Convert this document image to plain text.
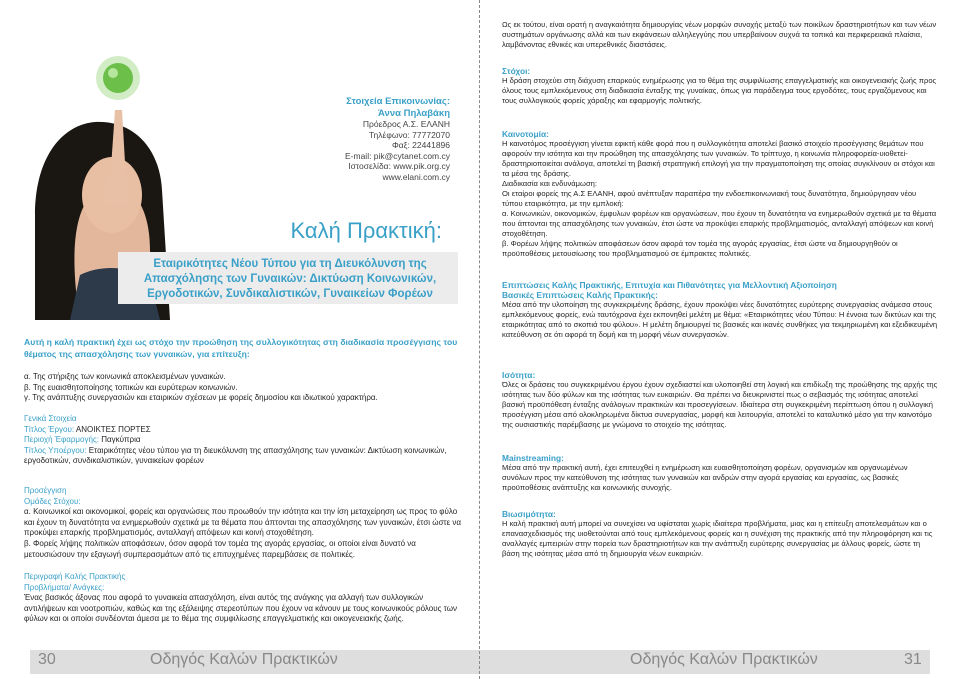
Στοιχεία Επικοινωνίας:
Άννα Πηλαβάκη
Πρόεδρος Α.Σ. ΕΛΑΝΗ
Τηλέφωνο: 77772070
Φαξ: 22441896
E-mail: pik@cytanet.com.cy
Ιστοσελίδα: www.pik.org.cy
www.elani.com.cy
Καλή Πρακτική:
Εταιρικότητες Νέου Τύπου για τη Διευκόλυνση της Απασχόλησης των Γυναικών: Δικτύωση Κοινωνικών, Εργοδοτικών, Συνδικαλιστικών, Γυναικείων Φορέων
Αυτή η καλή πρακτική έχει ως στόχο την προώθηση της συλλογικότητας στη διαδικασία προσέγγισης του θέματος της απασχόλησης των γυναικών, για επίτευξη:
α. Της στήριξης των κοινωνικά αποκλεισμένων γυναικών.
β. Της ευαισθητοποίησης τοπικών και ευρύτερων κοινωνιών.
γ. Της ανάπτυξης συνεργασιών και εταιρικών σχέσεων με φορείς δημοσίου και ιδιωτικού χαρακτήρα.
Γενικά Στοιχεία
Τίτλος Έργου: ΑΝΟΙΚΤΕΣ ΠΟΡΤΕΣ
Περιοχή Έφαρμογής: Παγκύπρια
Τίτλος Υποέργου: Εταιρικότητες νέου τύπου για τη διευκόλυνση της απασχόλησης των γυναικών: Δικτύωση κοινωνικών, εργοδοτικών, συνδικαλιστικών, γυναικείων φορέων
Προσέγγιση
Ομάδες Στόχου:
α. Κοινωνικοί και οικονομικοί, φορείς και οργανώσεις που προωθούν την ισότητα και την ίση μεταχείρηση ως προς το φύλο και έχουν τη δυνατότητα να ενημερωθούν σχετικά με τα θέματα που άπτονται της απασχόλησης των γυναικών, έτσι ώστε να προκύψει επαρκής προβληματισμός, ανταλλαγή απόψεων και κοινή στοχοθέτηση.
β. Φορείς λήψης πολιτικών αποφάσεων, όσον αφορά τον τομέα της αγοράς εργασίας, οι οποίοι είναι δυνατό να μετουσιώσουν την εξαγωγή συμπερασμάτων από τις επιτυχημένες παρεμβάσεις σε πολιτικές.
Περιγραφή Καλής Πρακτικής
Προβλήματα/ Ανάγκες:
Ένας βασικός άξονας που αφορά το γυναικεία απασχόληση, είναι αυτός της ανάγκης για αλλαγή των συλλογικών αντιλήψεων και νοοτροπιών, καθώς και της εξάλειψης στερεοτύπων που έχουν να κάνουν με τους κοινωνικούς ρόλους των φύλων και οι οποίοι συνδέονται άμεσα με το θέμα της συμφιλίωσης επαγγελματικής και οικογενειακής ζωής.
30	Οδηγός Καλών Πρακτικών
Ως εκ τούτου, είναι ορατή η αναγκαιότητα δημιουργίας νέων μορφών συνοχής μεταξύ των ποικίλων δραστηριοτήτων και των νέων συστημάτων οργάνωσης αλλά και των εκφάνσεων αλληλεγγύης που υπερβαίνουν συχνά τα τοπικά και περιφερειακά πλαίσια, λαμβάνοντας εθνικές και υπερεθνικές διαστάσεις.
Στόχοι:
Η δράση στοχεύει στη διάχυση επαρκούς ενημέρωσης για το θέμα της συμφιλίωσης επαγγελματικής και οικογενειακής ζωής προς όλους τους εμπλεκόμενους στη διαδικασία ένταξης της γυναίκας, όπως για παράδειγμα τους εργοδότες, τους εργαζόμενους και τους συλλογικούς φορείς χάραξης και εφαρμογής πολιτικής.
Καινοτομία:
Η καινοτόμος προσέγγιση γίνεται εφικτή κάθε φορά που η συλλογικότητα αποτελεί βασικό στοιχείο προσέγγισης θεμάτων που αφορούν την ισότητα και την προώθηση της απασχόλησης των γυναικών. Το τρίπτυχο, η κοινωνία πληροφορεία-υιοθετεί-δραστηριοποιείται ανάλογα, αποτελεί τη βασική στρατηγική επιλογή για την πραγματοποίηση της οποίας συγκλίνουν οι στόχοι και τα μέσα της δράσης.
Διαδικασία και ενδυνάμωση:
Οι εταίροι φορείς της Α.Σ ΕΛΑΝΗ, αφού ανέπτυξαν παραπέρα την ενδοεπικοινωνιακή τους δυνατότητα, δημιούργησαν νέου τύπου εταιρικότητα, με την εμπλοκή:
α. Κοινωνικών, οικονομικών, έμφυλων φορέων και οργανώσεων, που έχουν τη δυνατότητα να ενημερωθούν σχετικά με τα θέματα που άπτονται της απασχόλησης των γυναικών, έτσι ώστε να προκύψει επαρκής προβληματισμός, ανταλλαγή απόψεων και κοινή στοχοθέτηση.
β. Φορέων λήψης πολιτικών αποφάσεων όσον αφορά τον τομέα της αγοράς εργασίας, έτσι ώστε να δημιουργηθούν οι προϋποθέσεις μετουσίωσης του προβληματισμού σε έμπρακτες πολιτικές.
Επιπτώσεις Καλής Πρακτικής, Επιτυχία και Πιθανότητες για Μελλοντική Αξιοποίηση
Βασικές Επιπτώσεις Καλής Πρακτικής:
Μέσα από την υλοποίηση της συγκεκριμένης δράσης, έχουν προκύψει νέες δυνατότητες ευρύτερης συνεργασίας ανάμεσα στους εμπλεκόμενους φορείς, ενώ ταυτόχρονα έχει εκπονηθεί μελέτη με θέμα: «Εταιρικότητες νέου Τύπου: Η έννοια των δικτύων και της εταιρικότητας από το σκοπιά του φύλου». Η μελέτη δημιουργεί τις βασικές και ικανές συνθήκες για τεκμηριωμένη και εξειδικευμένη κατεύθυνση σε ότι αφορά τη δομή και τη μορφή νέων συνεργασιών.
Ισότητα:
Όλες οι δράσεις του συγκεκριμένου έργου έχουν σχεδιαστεί και υλοποιηθεί στη λογική και επιδίωξη της προώθησης της αρχής της ισότητας των δύο φύλων και της ισότητας των ευκαιριών. Θα πρέπει να διευκρινιστεί πως ο σεβασμός της ισότητας αποτελεί βασική προϋπόθεση ένταξης ανάλογων πρακτικών και προσεγγίσεων. Ιδιαίτερα στη συγκεκριμένη περίπτωση όπου η συλλογική προσέγγιση μέσα από ολοκληρωμένα δίκτυα συνεργασίας, μορφή και λειτουργία, αποτελεί το καταλυτικό μέσο για την καινοτόμο της ουσιαστικής παρέμβασης με γνώμονα το στοιχείο της ισότητας.
Mainstreaming:
Μέσα από την πρακτική αυτή, έχει επιτευχθεί η ενημέρωση και ευαισθητοποίηση φορέων, οργανισμών και οργανωμένων συνόλων προς την κατεύθυνση της ισότητας των γυναικών και ανδρών στην αγορά εργασίας και εργασίας, ως βασικές προϋποθέσεις ανάπτυξης και κοινωνικής συνοχής.
Βιωσιμότητα:
Η καλή πρακτική αυτή μπορεί να συνεχίσει να υφίσταται χωρίς ιδιαίτερα προβλήματα, μιας και η επίτευξη αποτελεσμάτων και ο επανασχεδιασμός της υιοθετούνται από τους εμπλεκόμενους φορείς και η συνέχιση της πρακτικής από την πληροφόρηση και τις αναλλαγές εμπειριών στην πορεία των δραστηριοτήτων και την ανάπτυξη ευρύτερης συνεργασίας με άλλους φορείς, ώστε τη βάση της ισότητας μέσα από τη δημιουργία νέων ευκαιριών.
Οδηγός Καλών Πρακτικών	31
